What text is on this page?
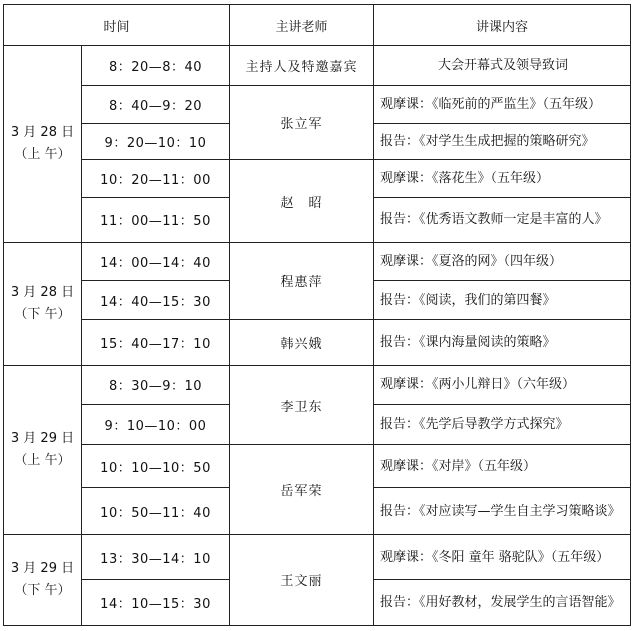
时间		主讲老师	讲课内容

3 月 28 日
（上 午）	8：20—8：40	主持人及特邀嘉宾	大会开幕式及领导致词
	8：40—9：20	张立军	观摩课：《临死前的严监生》（五年级）
	9：20—10：10		报告：《对学生生成把握的策略研究》
	10：20—11：00	赵　昭	观摩课：《落花生》（五年级）
	11：00—11：50		报告：《优秀语文教师一定是丰富的人》

3 月 28 日
（下 午）	14：00—14：40	程惠萍	观摩课：《夏洛的网》（四年级）
	14：40—15：30		报告：《阅读，我们的第四餐》
	15：40—17：10	韩兴娥	报告：《课内海量阅读的策略》

3 月 29 日
（上 午）	8：30—9：10	李卫东	观摩课：《两小儿辩日》（六年级）
	9：10—10：00		报告：《先学后导教学方式探究》
	10：10—10：50	岳军荣	观摩课：《对岸》（五年级）
	10：50—11：40		报告：《对应读写—学生自主学习策略谈》

3 月 29 日
（下 午）	13：30—14：10	王文丽	观摩课：《冬阳 童年 骆驼队》（五年级）
	14：10—15：30		报告：《用好教材，发展学生的言语智能》
